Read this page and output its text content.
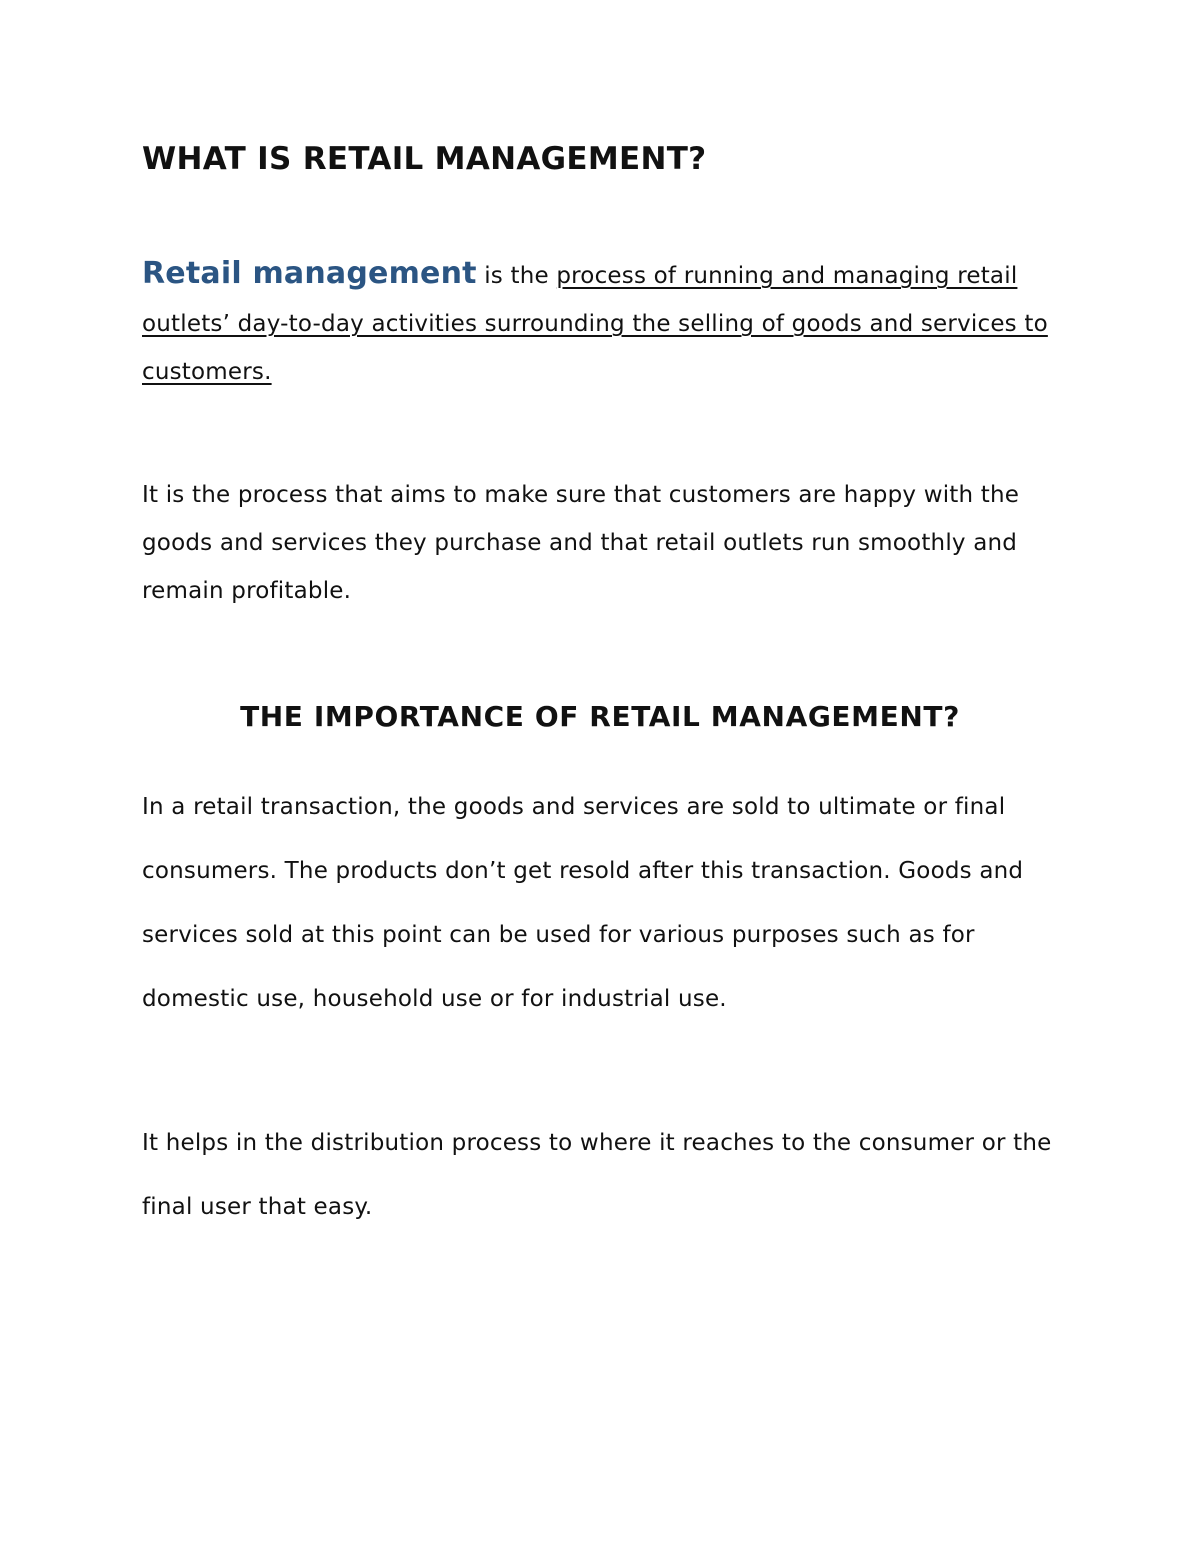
WHAT IS RETAIL MANAGEMENT?

Retail management is the process of running and managing retail outlets’ day-to-day activities surrounding the selling of goods and services to customers.

It is the process that aims to make sure that customers are happy with the goods and services they purchase and that retail outlets run smoothly and remain profitable.

THE IMPORTANCE OF RETAIL MANAGEMENT?

In a retail transaction, the goods and services are sold to ultimate or final consumers. The products don’t get resold after this transaction. Goods and services sold at this point can be used for various purposes such as for domestic use, household use or for industrial use.

It helps in the distribution process to where it reaches to the consumer or the final user that easy.
